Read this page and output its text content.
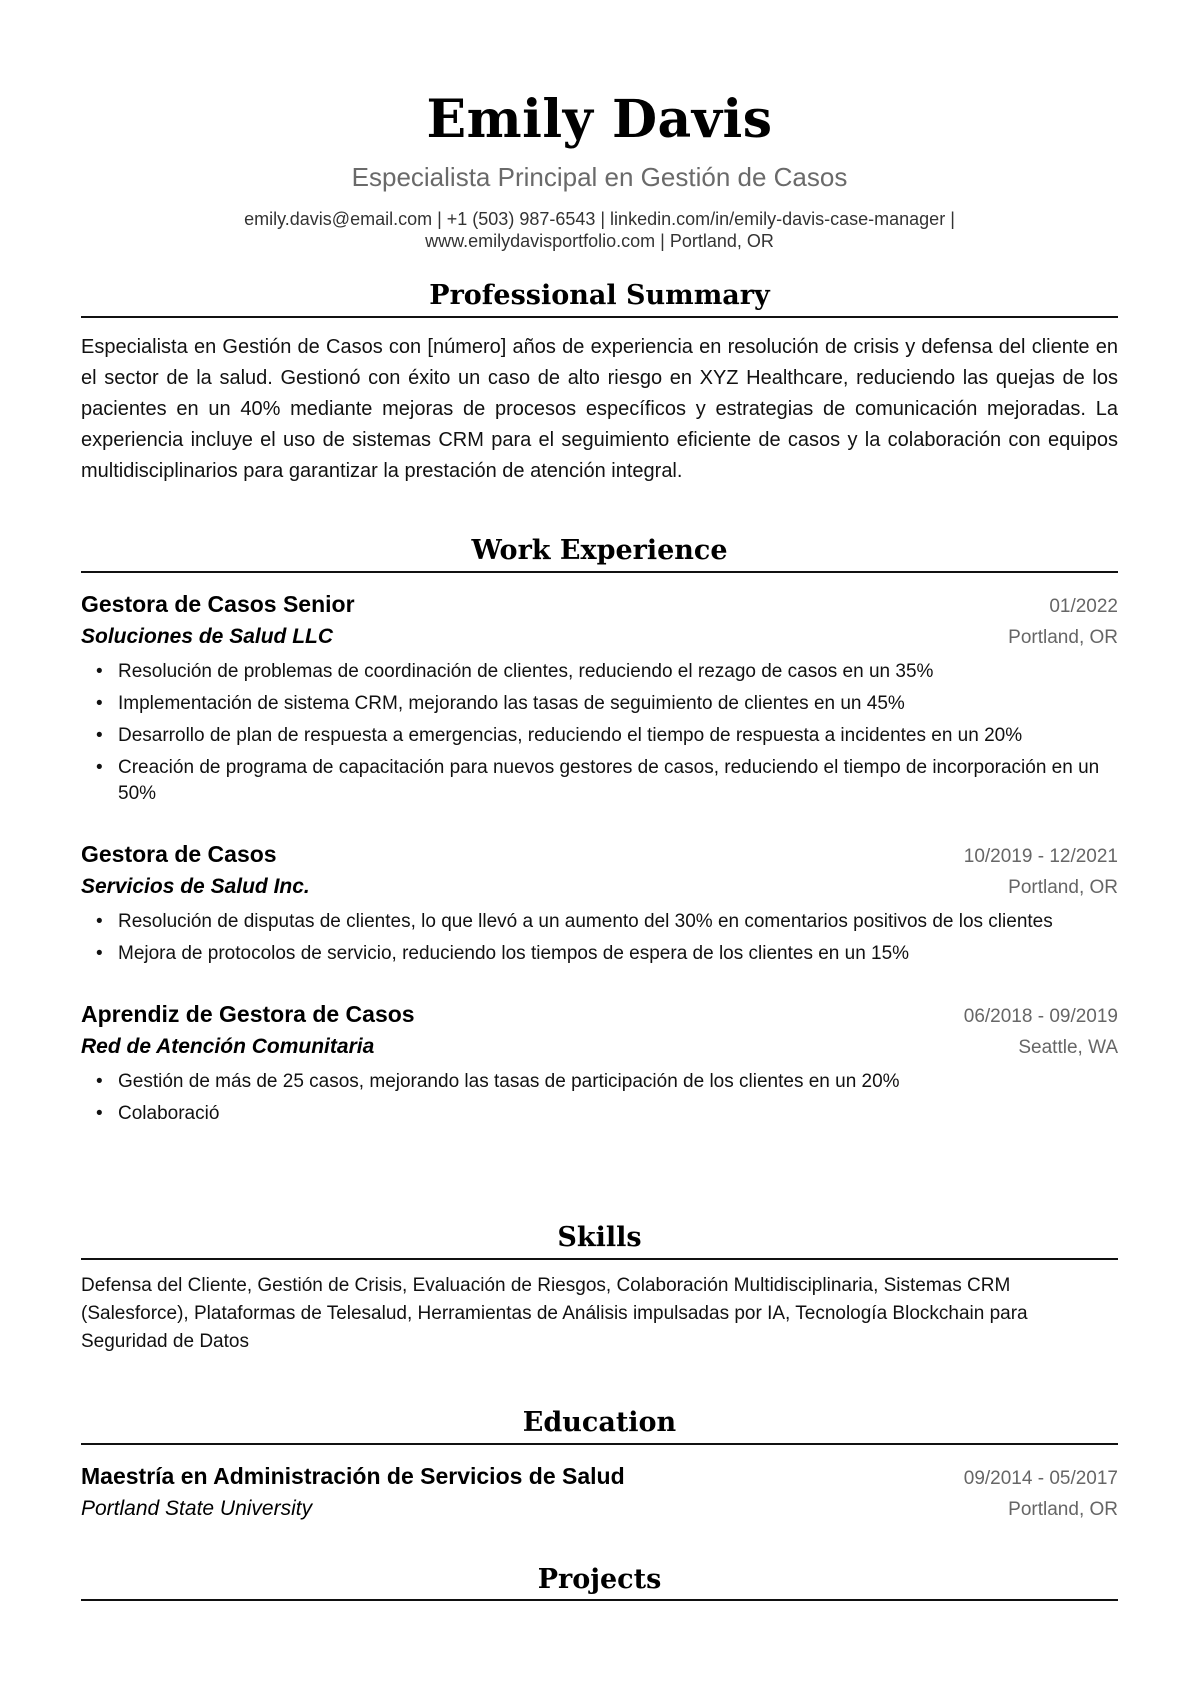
Emily Davis
Especialista Principal en Gestión de Casos
emily.davis@email.com | +1 (503) 987-6543 | linkedin.com/in/emily-davis-case-manager |
www.emilydavisportfolio.com | Portland, OR
Professional Summary
Especialista en Gestión de Casos con [número] años de experiencia en resolución de crisis y defensa del cliente en el sector de la salud. Gestionó con éxito un caso de alto riesgo en XYZ Healthcare, reduciendo las quejas de los pacientes en un 40% mediante mejoras de procesos específicos y estrategias de comunicación mejoradas. La experiencia incluye el uso de sistemas CRM para el seguimiento eficiente de casos y la colaboración con equipos multidisciplinarios para garantizar la prestación de atención integral.
Work Experience
Gestora de Casos Senior	01/2022
Soluciones de Salud LLC	Portland, OR
• Resolución de problemas de coordinación de clientes, reduciendo el rezago de casos en un 35%
• Implementación de sistema CRM, mejorando las tasas de seguimiento de clientes en un 45%
• Desarrollo de plan de respuesta a emergencias, reduciendo el tiempo de respuesta a incidentes en un 20%
• Creación de programa de capacitación para nuevos gestores de casos, reduciendo el tiempo de incorporación en un 50%
Gestora de Casos	10/2019 - 12/2021
Servicios de Salud Inc.	Portland, OR
• Resolución de disputas de clientes, lo que llevó a un aumento del 30% en comentarios positivos de los clientes
• Mejora de protocolos de servicio, reduciendo los tiempos de espera de los clientes en un 15%
Aprendiz de Gestora de Casos	06/2018 - 09/2019
Red de Atención Comunitaria	Seattle, WA
• Gestión de más de 25 casos, mejorando las tasas de participación de los clientes en un 20%
• Colaboració
Skills
Defensa del Cliente, Gestión de Crisis, Evaluación de Riesgos, Colaboración Multidisciplinaria, Sistemas CRM (Salesforce), Plataformas de Telesalud, Herramientas de Análisis impulsadas por IA, Tecnología Blockchain para Seguridad de Datos
Education
Maestría en Administración de Servicios de Salud	09/2014 - 05/2017
Portland State University	Portland, OR
Projects
